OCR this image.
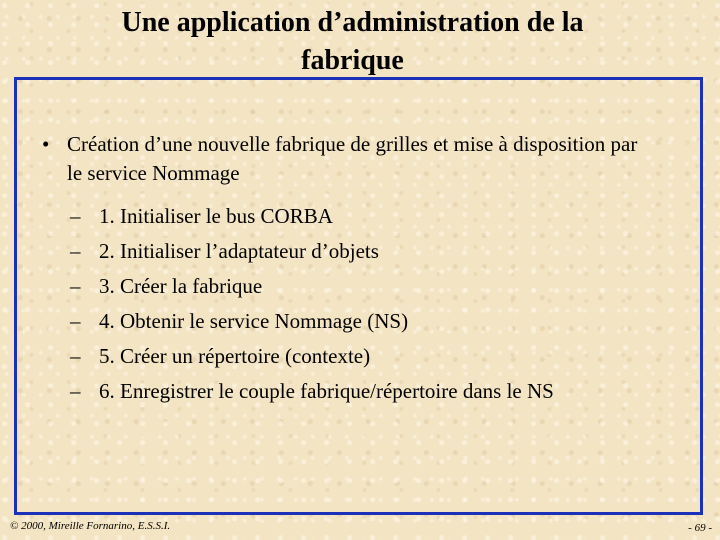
Une application d’administration de la
fabrique
• Création d’une nouvelle fabrique de grilles et mise à disposition par le service Nommage
– 1. Initialiser le bus CORBA
– 2. Initialiser l’adaptateur d’objets
– 3. Créer la fabrique
– 4. Obtenir le service Nommage (NS)
– 5. Créer un répertoire (contexte)
– 6. Enregistrer le couple fabrique/répertoire dans le NS
© 2000, Mireille Fornarino, E.S.S.I.	- 69 -
